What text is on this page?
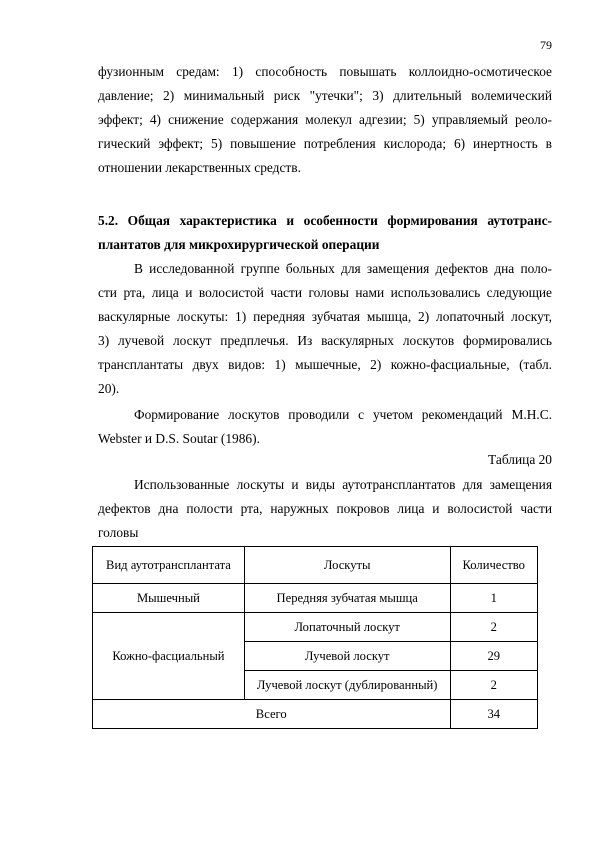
79

фузионным средам: 1) способность повышать коллоидно-осмотическое
давление; 2) минимальный риск "утечки"; 3) длительный волемический
эффект; 4) снижение содержания молекул адгезии; 5) управляемый реоло-
гический эффект; 5) повышение потребления кислорода; 6) инертность в
отношении лекарственных средств.

5.2. Общая характеристика и особенности формирования аутотранс-
плантатов для микрохирургической операции

В исследованной группе больных для замещения дефектов дна поло-
сти рта, лица и волосистой части головы нами использовались следующие
васкулярные лоскуты: 1) передняя зубчатая мышца, 2) лопаточный лоскут,
3) лучевой лоскут предплечья. Из васкулярных лоскутов формировались
трансплантаты двух видов: 1) мышечные, 2) кожно-фасциальные, (табл.
20).

Формирование лоскутов проводили с учетом рекомендаций M.H.C.
Webster и D.S. Soutar (1986).

Таблица 20

Использованные лоскуты и виды аутотрансплантатов для замещения
дефектов дна полости рта, наружных покровов лица и волосистой части
головы

Вид аутотрансплантата	Лоскуты	Количество
Мышечный	Передняя зубчатая мышца	1
Кожно-фасциальный	Лопаточный лоскут	2
	Лучевой лоскут	29
	Лучевой лоскут (дублированный)	2
Всего		34
